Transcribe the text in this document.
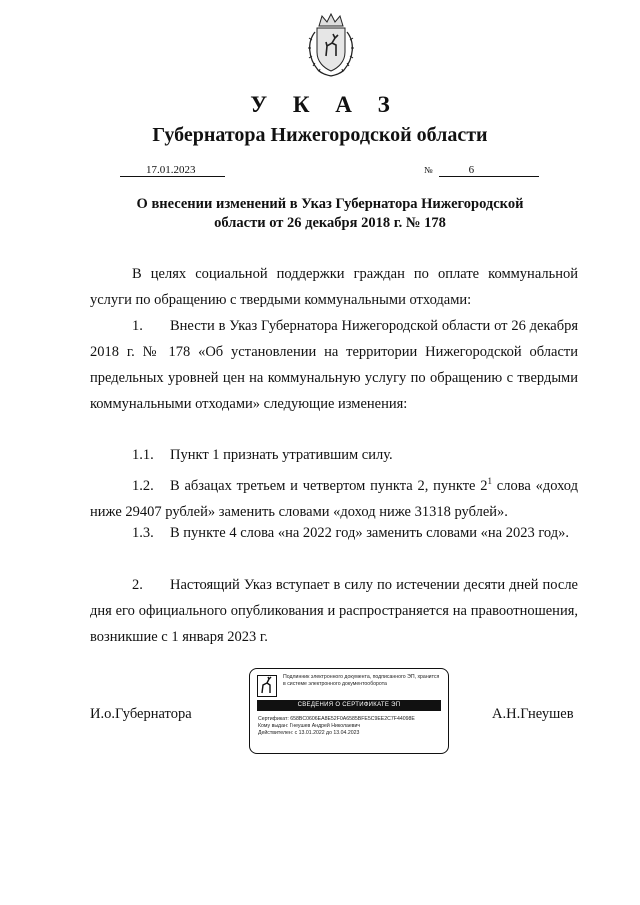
У К А З
Губернатора Нижегородской области
17.01.2023	№	6
О внесении изменений в Указ Губернатора Нижегородской
области от 26 декабря 2018 г. № 178
В целях социальной поддержки граждан по оплате коммунальной услуги по обращению с твердыми коммунальными отходами:
1. Внести в Указ Губернатора Нижегородской области от 26 декабря 2018 г. № 178 «Об установлении на территории Нижегородской области предельных уровней цен на коммунальную услугу по обращению с твердыми коммунальными отходами» следующие изменения:
1.1. Пункт 1 признать утратившим силу.
1.2. В абзацах третьем и четвертом пункта 2, пункте $2^1$ слова «доход ниже 29407 рублей» заменить словами «доход ниже 31318 рублей».
1.3. В пункте 4 слова «на 2022 год» заменить словами «на 2023 год».
2. Настоящий Указ вступает в силу по истечении десяти дней после дня его официального опубликования и распространяется на правоотношения, возникшие с 1 января 2023 г.
И.о.Губернатора
Подлинник электронного документа, подписанного ЭП, хранится в системе электронного документооборота
СВЕДЕНИЯ О СЕРТИФИКАТЕ ЭП
Сертификат: 658BC0606EA8E52F0A6585BFE5C9EE2C7F44098E
Кому выдан: Гнеушев Андрей Николаевич
Действителен: с 13.01.2022 до 13.04.2023
А.Н.Гнеушев
